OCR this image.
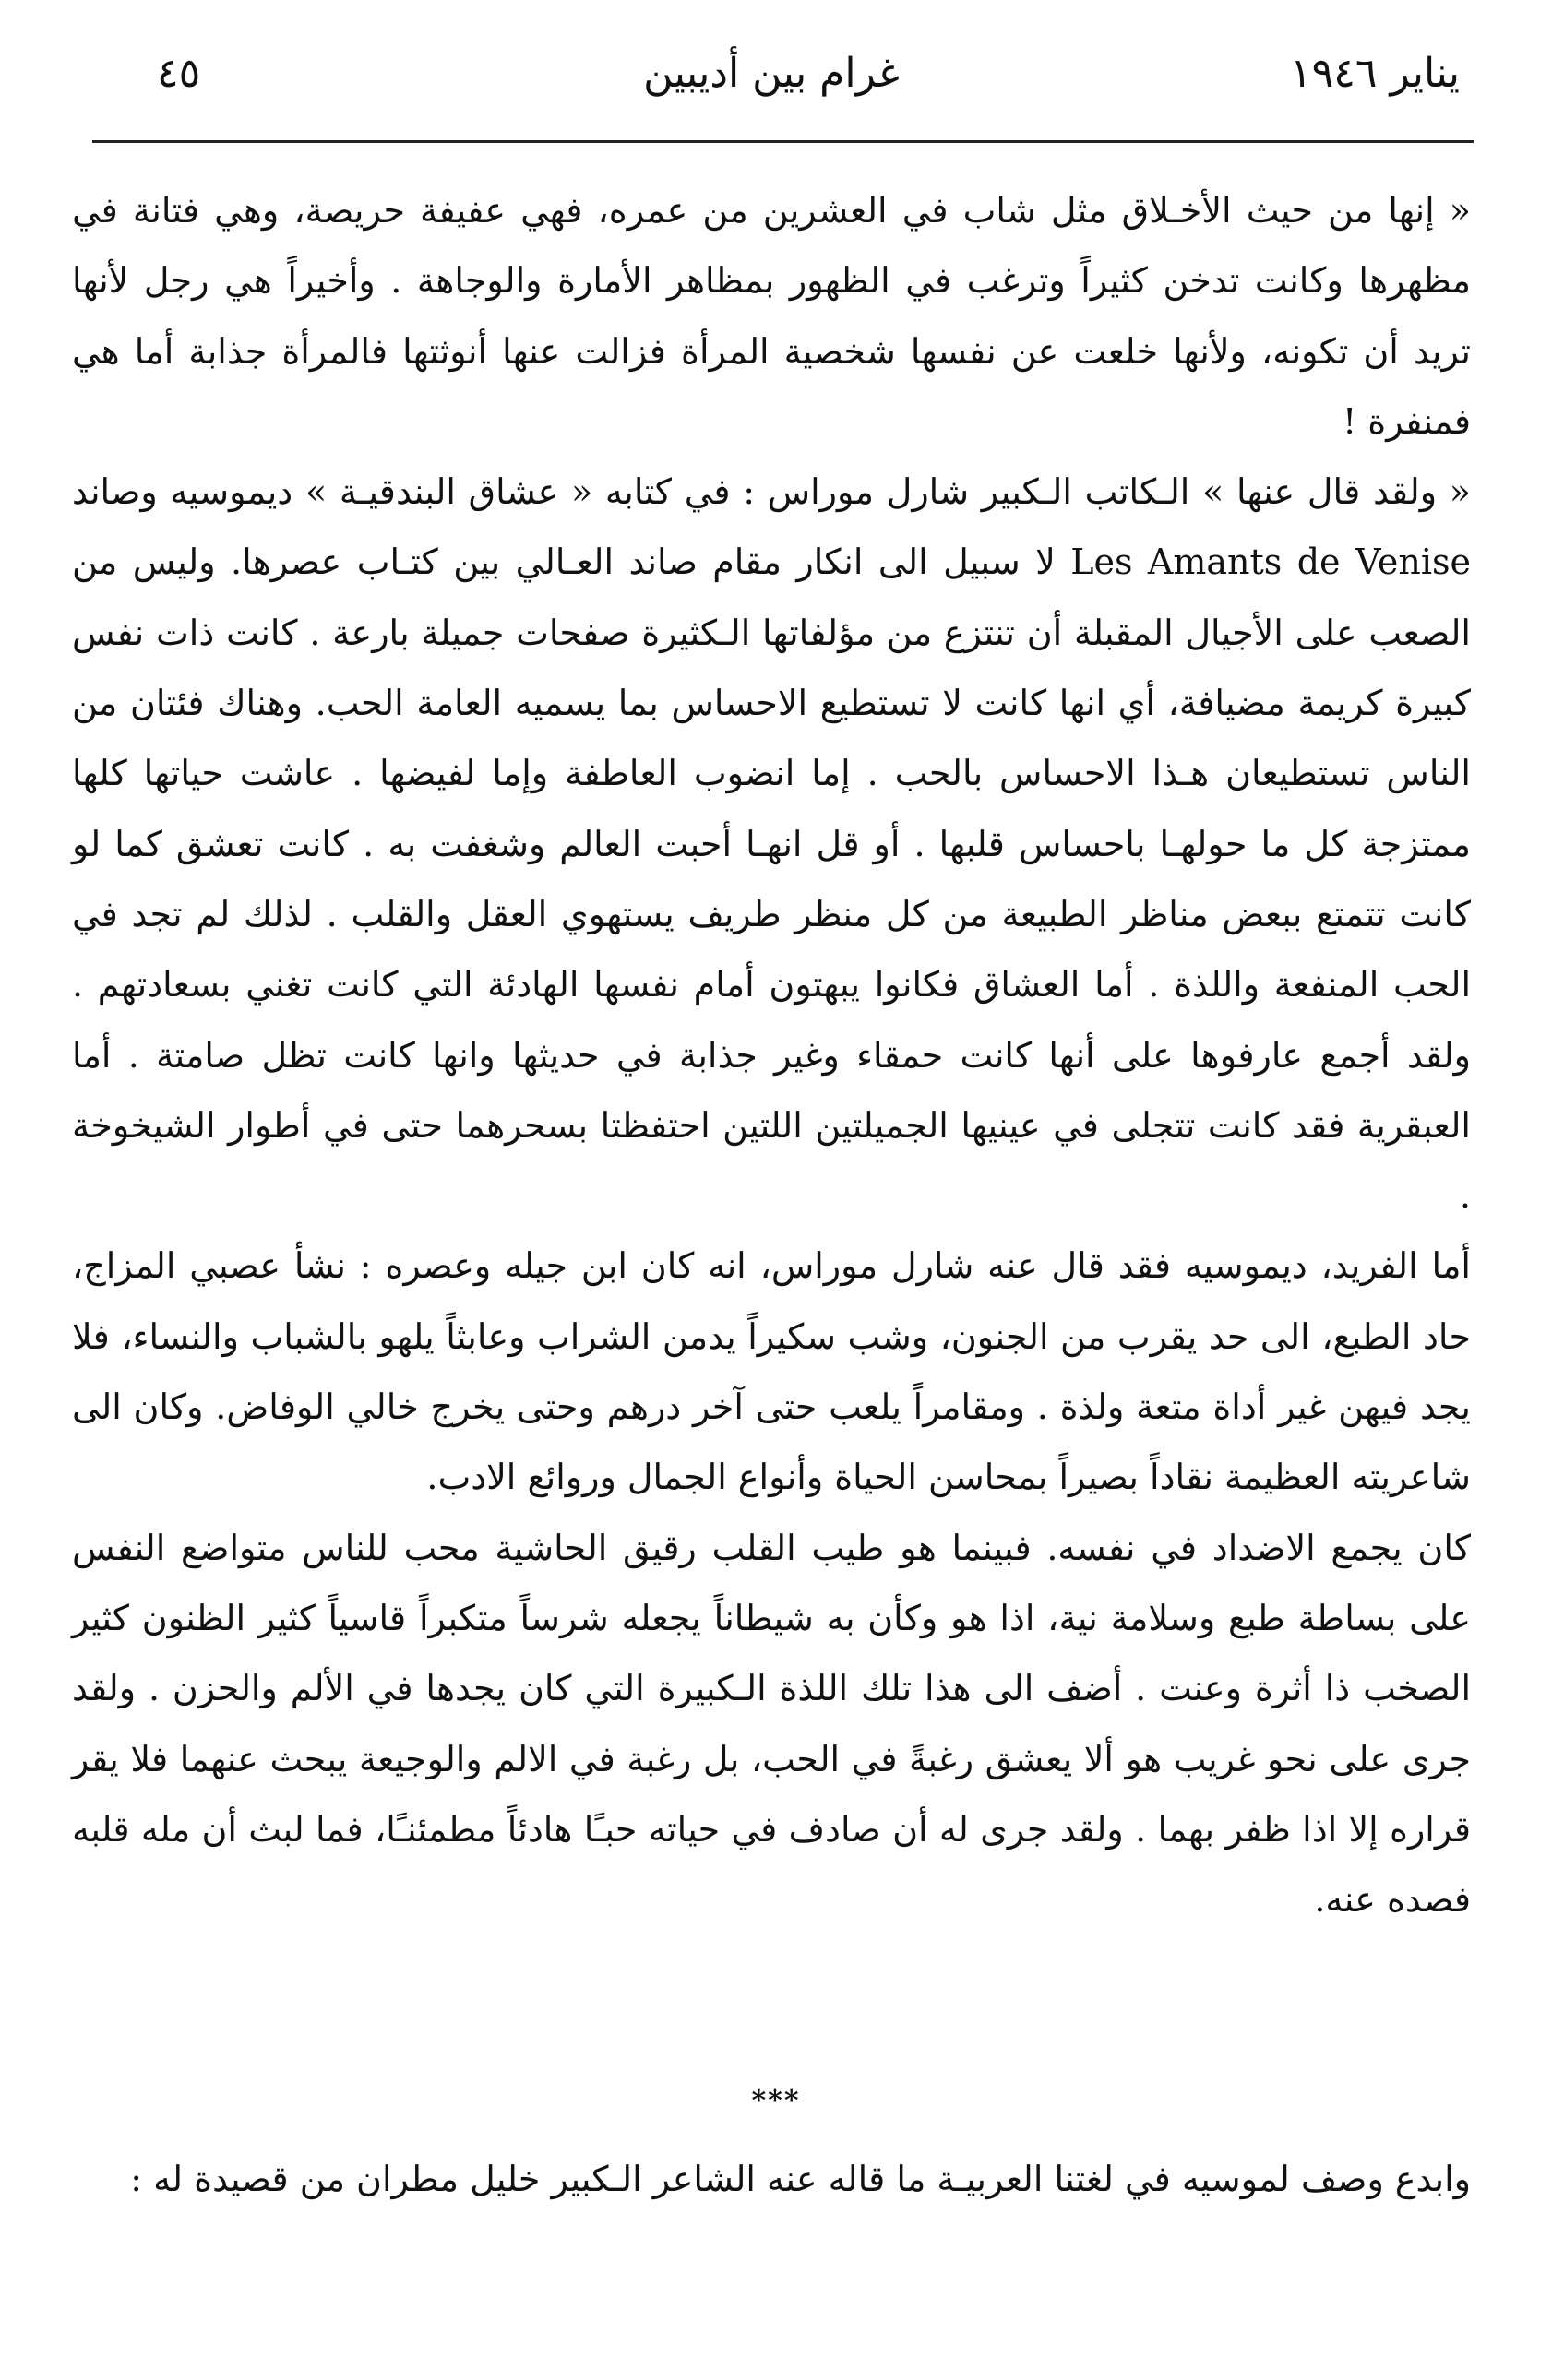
يناير ١٩٤٦
غرام بين أديبين
٤٥

« إنها من حيث الأخـلاق مثل شاب في العشرين من عمره، فهي عفيفة حريصة، وهي فتانة في مظهرها وكانت تدخن كثيراً وترغب في الظهور بمظاهر الأمارة والوجاهة . وأخيراً هي رجل لأنها تريد أن تكونه، ولأنها خلعت عن نفسها شخصية المرأة فزالت عنها أنوثتها فالمرأة جذابة أما هي فمنفرة !

« ولقد قال عنها » الـكاتب الـكبير شارل موراس : في كتابه « عشاق البندقيـة » ديموسيه وصاند Les Amants de Venise لا سبيل الى انكار مقام صاند العـالي بين كتـاب عصرها. وليس من الصعب على الأجيال المقبلة أن تنتزع من مؤلفاتها الـكثيرة صفحات جميلة بارعة . كانت ذات نفس كبيرة كريمة مضيافة، أي انها كانت لا تستطيع الاحساس بما يسميه العامة الحب. وهناك فئتان من الناس تستطيعان هـذا الاحساس بالحب . إما انضوب العاطفة وإما لفيضها . عاشت حياتها كلها ممتزجة كل ما حولهـا باحساس قلبها . أو قل انهـا أحبت العالم وشغفت به . كانت تعشق كما لو كانت تتمتع ببعض مناظر الطبيعة من كل منظر طريف يستهوي العقل والقلب . لذلك لم تجد في الحب المنفعة واللذة . أما العشاق فكانوا يبهتون أمام نفسها الهادئة التي كانت تغني بسعادتهم . ولقد أجمع عارفوها على أنها كانت حمقاء وغير جذابة في حديثها وانها كانت تظل صامتة . أما العبقرية فقد كانت تتجلى في عينيها الجميلتين اللتين احتفظتا بسحرهما حتى في أطوار الشيخوخة .

أما الفريد، ديموسيه فقد قال عنه شارل موراس، انه كان ابن جيله وعصره : نشأ عصبي المزاج، حاد الطبع، الى حد يقرب من الجنون، وشب سكيراً يدمن الشراب وعابثاً يلهو بالشباب والنساء، فلا يجد فيهن غير أداة متعة ولذة . ومقامراً يلعب حتى آخر درهم وحتى يخرج خالي الوفاض. وكان الى شاعريته العظيمة نقاداً بصيراً بمحاسن الحياة وأنواع الجمال وروائع الادب.

كان يجمع الاضداد في نفسه. فبينما هو طيب القلب رقيق الحاشية محب للناس متواضع النفس على بساطة طبع وسلامة نية، اذا هو وكأن به شيطاناً يجعله شرساً متكبراً قاسياً كثير الظنون كثير الصخب ذا أثرة وعنت . أضف الى هذا تلك اللذة الـكبيرة التي كان يجدها في الألم والحزن . ولقد جرى على نحو غريب هو ألا يعشق رغبةً في الحب، بل رغبة في الالم والوجيعة يبحث عنهما فلا يقر قراره إلا اذا ظفر بهما . ولقد جرى له أن صادف في حياته حبـًا هادئاً مطمئنـًا، فما لبث أن مله قلبه فصده عنه.

***
وابدع وصف لموسيه في لغتنا العربيـة ما قاله عنه الشاعر الـكبير خليل مطران من قصيدة له :
